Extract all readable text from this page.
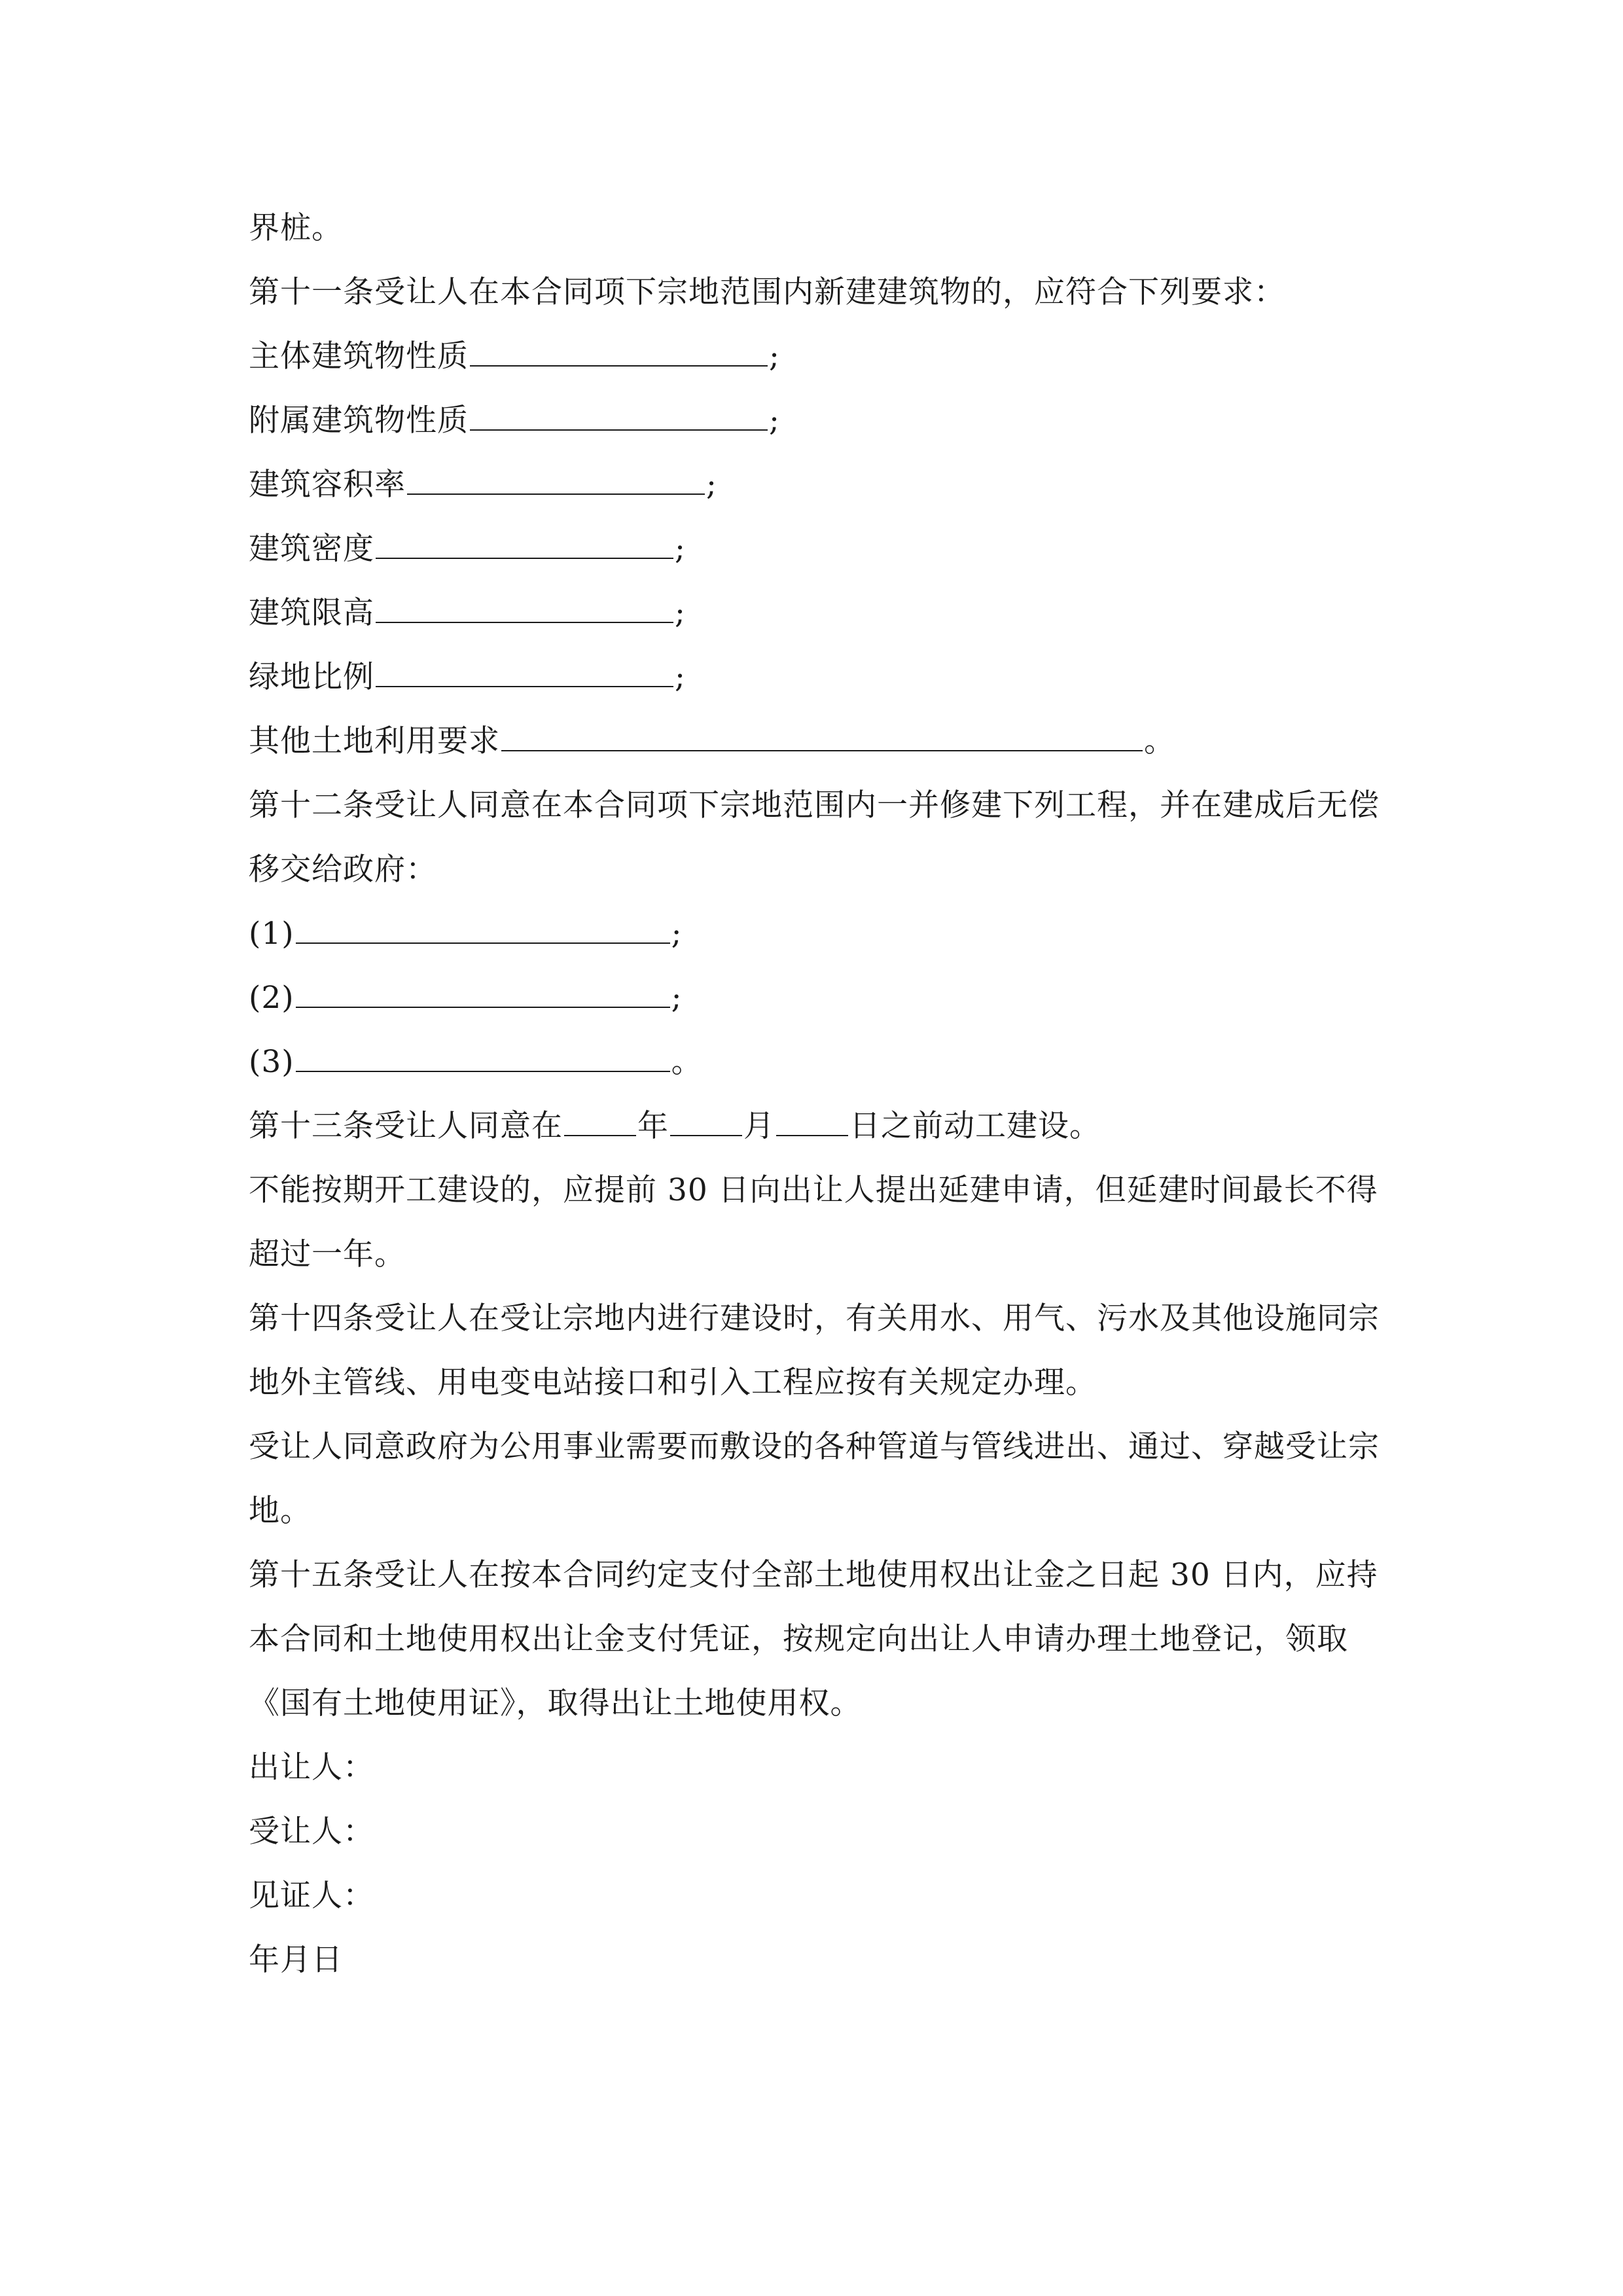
界桩。
第十一条受让人在本合同项下宗地范围内新建建筑物的，应符合下列要求：
主体建筑物性质	;
附属建筑物性质	;
建筑容积率	;
建筑密度	;
建筑限高	;
绿地比例	;
其他土地利用要求	。
第十二条受让人同意在本合同项下宗地范围内一并修建下列工程，并在建成后无偿移交给政府：
(1)	;
(2)	;
(3)	。
第十三条受让人同意在 年 月 日之前动工建设。
不能按期开工建设的，应提前 30 日向出让人提出延建申请，但延建时间最长不得超过一年。
第十四条受让人在受让宗地内进行建设时，有关用水、用气、污水及其他设施同宗地外主管线、用电变电站接口和引入工程应按有关规定办理。
受让人同意政府为公用事业需要而敷设的各种管道与管线进出、通过、穿越受让宗地。
第十五条受让人在按本合同约定支付全部土地使用权出让金之日起 30 日内，应持本合同和土地使用权出让金支付凭证，按规定向出让人申请办理土地登记，领取《国有土地使用证》，取得出让土地使用权。
出让人：
受让人：
见证人：
年月日
